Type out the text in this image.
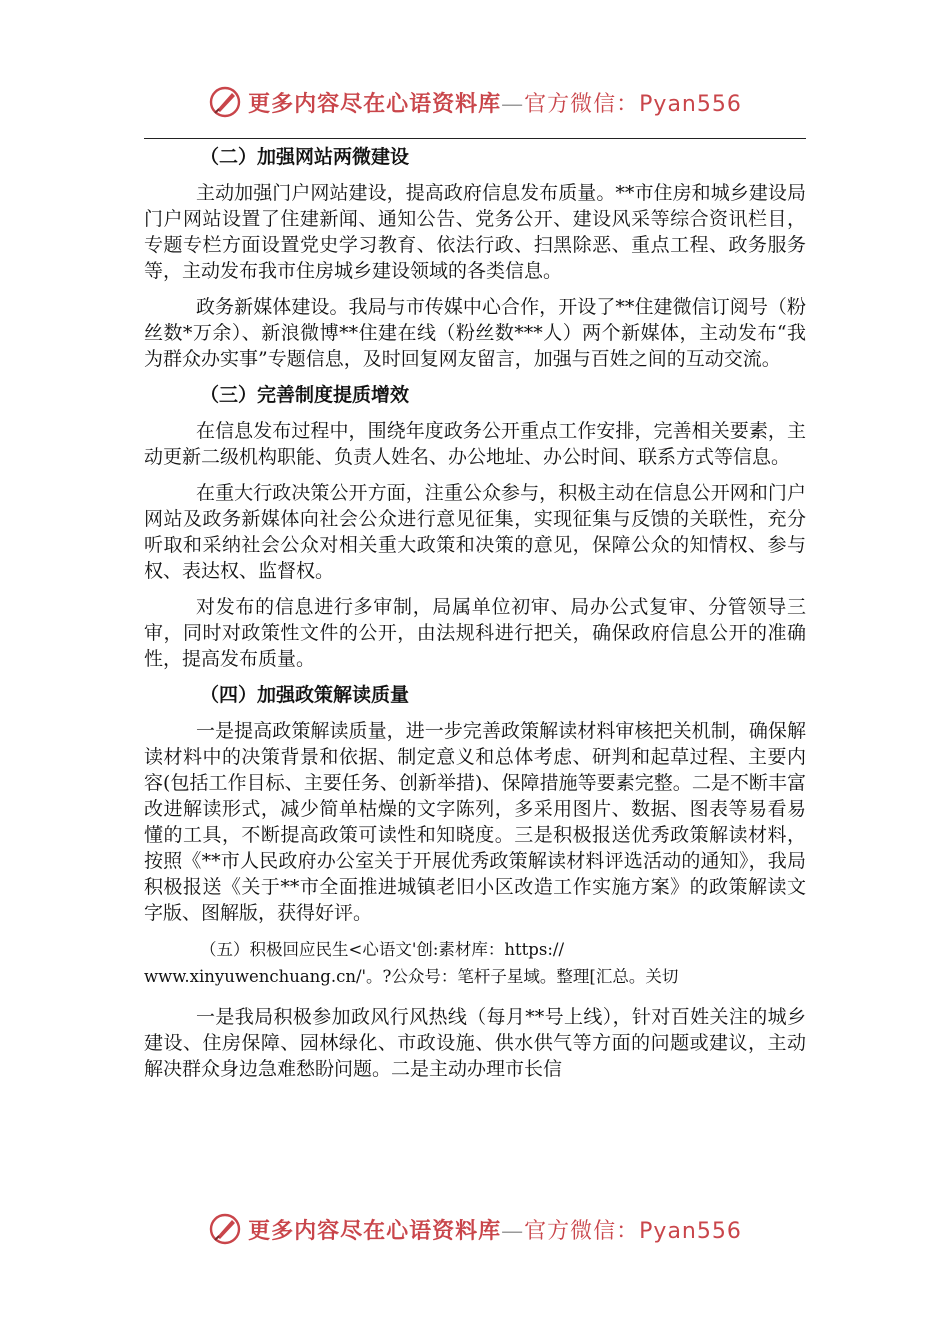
更多内容尽在心语资料库—官方微信：Pyan556
（二）加强网站两微建设
主动加强门户网站建设，提高政府信息发布质量。**市住房和城乡建设局门户网站设置了住建新闻、通知公告、党务公开、建设风采等综合资讯栏目，专题专栏方面设置党史学习教育、依法行政、扫黑除恶、重点工程、政务服务等，主动发布我市住房城乡建设领域的各类信息。
政务新媒体建设。我局与市传媒中心合作，开设了**住建微信订阅号（粉丝数*万余）、新浪微博**住建在线（粉丝数***人）两个新媒体，主动发布“我为群众办实事”专题信息，及时回复网友留言，加强与百姓之间的互动交流。
（三）完善制度提质增效
在信息发布过程中，围绕年度政务公开重点工作安排，完善相关要素，主动更新二级机构职能、负责人姓名、办公地址、办公时间、联系方式等信息。
在重大行政决策公开方面，注重公众参与，积极主动在信息公开网和门户网站及政务新媒体向社会公众进行意见征集，实现征集与反馈的关联性，充分听取和采纳社会公众对相关重大政策和决策的意见，保障公众的知情权、参与权、表达权、监督权。
对发布的信息进行多审制，局属单位初审、局办公式复审、分管领导三审，同时对政策性文件的公开，由法规科进行把关，确保政府信息公开的准确性，提高发布质量。
（四）加强政策解读质量
一是提高政策解读质量，进一步完善政策解读材料审核把关机制，确保解读材料中的决策背景和依据、制定意义和总体考虑、研判和起草过程、主要内容(包括工作目标、主要任务、创新举措)、保障措施等要素完整。二是不断丰富改进解读形式，减少简单枯燥的文字陈列，多采用图片、数据、图表等易看易懂的工具，不断提高政策可读性和知晓度。三是积极报送优秀政策解读材料，按照《**市人民政府办公室关于开展优秀政策解读材料评选活动的通知》，我局积极报送《关于**市全面推进城镇老旧小区改造工作实施方案》的政策解读文字版、图解版，获得好评。
（五）积极回应民生<心语文'创:素材库：https://
www.xinyuwenchuang.cn/'。?公众号：笔杆子星域。整理[汇总。关切
一是我局积极参加政风行风热线（每月**号上线），针对百姓关注的城乡建设、住房保障、园林绿化、市政设施、供水供气等方面的问题或建议，主动解决群众身边急难愁盼问题。二是主动办理市长信
更多内容尽在心语资料库—官方微信：Pyan556
